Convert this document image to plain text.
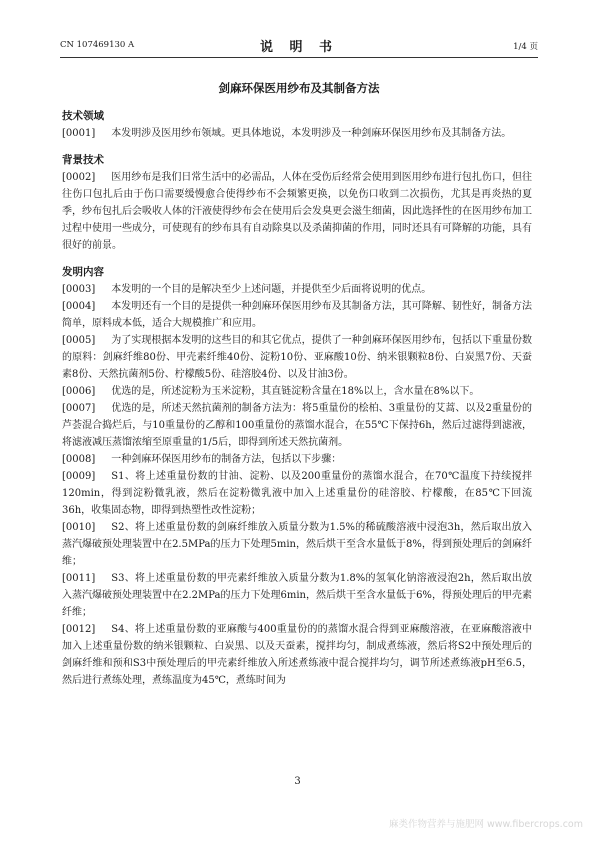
CN 107469130 A	说 明 书	1/4 页
剑麻环保医用纱布及其制备方法
技术领域

[0001] 本发明涉及医用纱布领域。更具体地说，本发明涉及一种剑麻环保医用纱布及其制备方法。

背景技术

[0002] 医用纱布是我们日常生活中的必需品，人体在受伤后经常会使用到医用纱布进行包扎伤口，但往往伤口包扎后由于伤口需要缓慢愈合使得纱布不会频繁更换，以免伤口收到二次损伤，尤其是再炎热的夏季，纱布包扎后会吸收人体的汗液使得纱布会在使用后会发臭更会滋生细菌，因此选择性的在医用纱布加工过程中使用一些成分，可使现有的纱布具有自动除臭以及杀菌抑菌的作用，同时还具有可降解的功能，具有很好的前景。

发明内容

[0003] 本发明的一个目的是解决至少上述问题，并提供至少后面将说明的优点。

[0004] 本发明还有一个目的是提供一种剑麻环保医用纱布及其制备方法，其可降解、韧性好，制备方法简单，原料成本低，适合大规模推广和应用。

[0005] 为了实现根据本发明的这些目的和其它优点，提供了一种剑麻环保医用纱布，包括以下重量份数的原料：剑麻纤维80份、甲壳素纤维40份、淀粉10份、亚麻酸10份、纳米银颗粒8份、白炭黑7份、天蚕素8份、天然抗菌剂5份、柠檬酸5份、硅溶胶4份、以及甘油3份。

[0006] 优选的是，所述淀粉为玉米淀粉，其直链淀粉含量在18%以上，含水量在8%以下。

[0007] 优选的是，所述天然抗菌剂的制备方法为：将5重量份的桧柏、3重量份的艾蒿、以及2重量份的芦荟混合捣烂后，与10重量份的乙醇和100重量份的蒸馏水混合，在55℃下保持6h，然后过滤得到滤液，将滤液减压蒸馏浓缩至原重量的1/5后，即得到所述天然抗菌剂。

[0008] 一种剑麻环保医用纱布的制备方法，包括以下步骤：

[0009] S1、将上述重量份数的甘油、淀粉、以及200重量份的蒸馏水混合，在70℃温度下持续搅拌120min，得到淀粉微乳液，然后在淀粉微乳液中加入上述重量份的硅溶胶、柠檬酸，在85℃下回流36h，收集固态物，即得到热塑性改性淀粉；

[0010] S2、将上述重量份数的剑麻纤维放入质量分数为1.5%的稀硫酸溶液中浸泡3h，然后取出放入蒸汽爆破预处理装置中在2.5MPa的压力下处理5min，然后烘干至含水量低于8%，得到预处理后的剑麻纤维；

[0011] S3、将上述重量份数的甲壳素纤维放入质量分数为1.8%的氢氧化钠溶液浸泡2h，然后取出放入蒸汽爆破预处理装置中在2.2MPa的压力下处理6min，然后烘干至含水量低于6%，得预处理后的甲壳素纤维；

[0012] S4、将上述重量份数的亚麻酸与400重量份的的蒸馏水混合得到亚麻酸溶液，在亚麻酸溶液中加入上述重量份数的纳米银颗粒、白炭黑、以及天蚕素，搅拌均匀，制成煮练液，然后将S2中预处理后的剑麻纤维和预和S3中预处理后的甲壳素纤维放入所述煮练液中混合搅拌均匀，调节所述煮练液pH至6.5，然后进行煮练处理，煮练温度为45℃，煮练时间为

3
麻类作物营养与施肥网 www.fibercrops.com
